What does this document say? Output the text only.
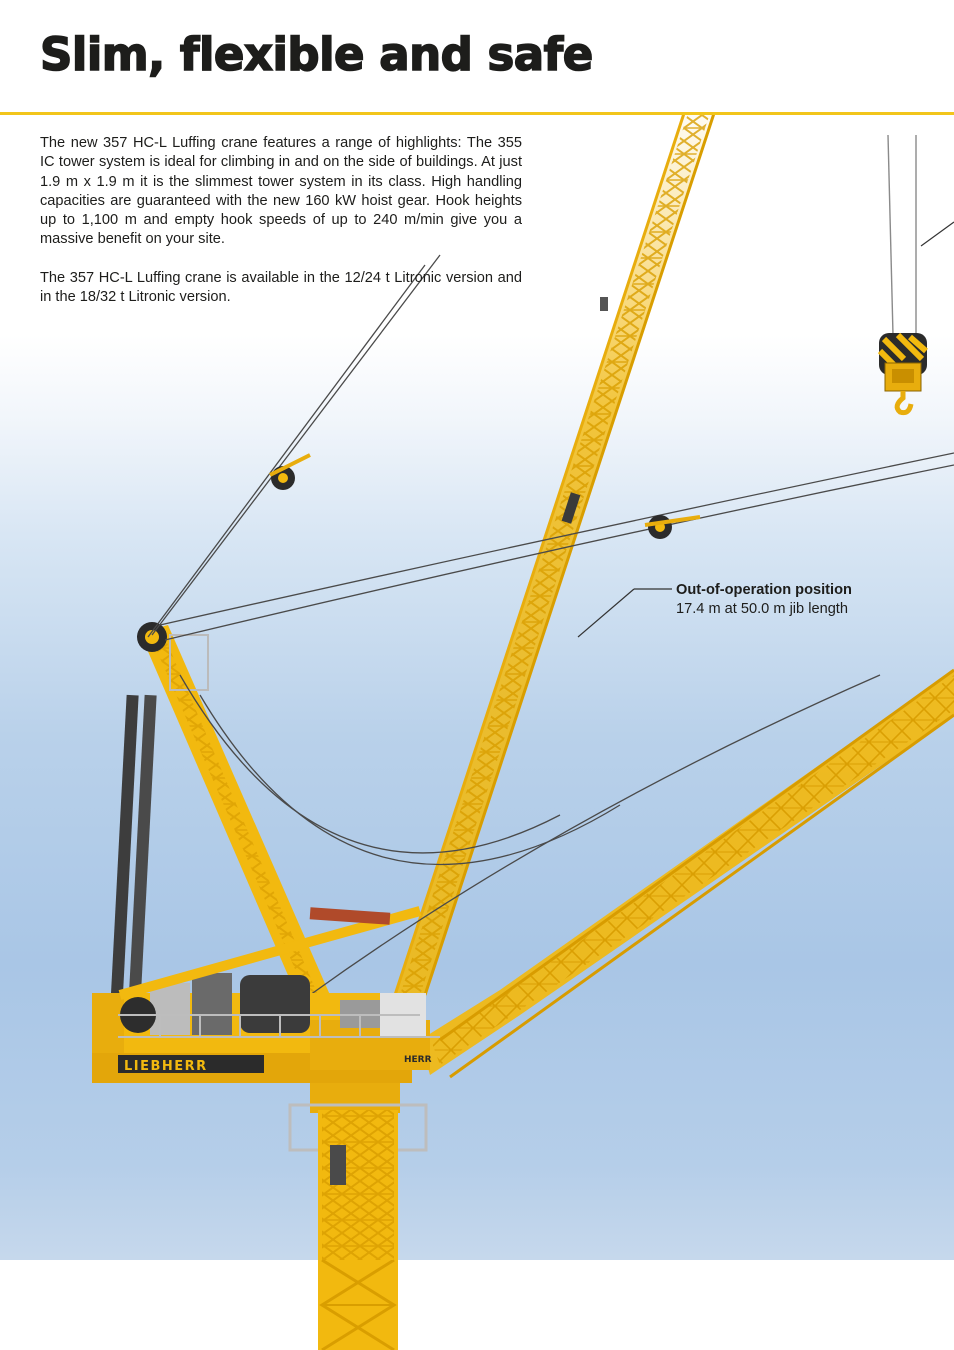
Slim, flexible and safe
LIEBHERR	HERR

The new 357 HC-L Luffing crane features a range of highlights: The 355 IC tower system is ideal for climbing in and on the side of buildings. At just 1.9 m x 1.9 m it is the slimmest tower system in its class. High handling capacities are guaranteed with the new 160 kW hoist gear. Hook heights up to 1,100 m and empty hook speeds of up to 240 m/min give you a massive benefit on your site.

The 357 HC-L Luffing crane is available in the 12/24 t Litronic version and in the 18/32 t Litronic version.

Out-of-operation position
17.4 m at 50.0 m jib length
